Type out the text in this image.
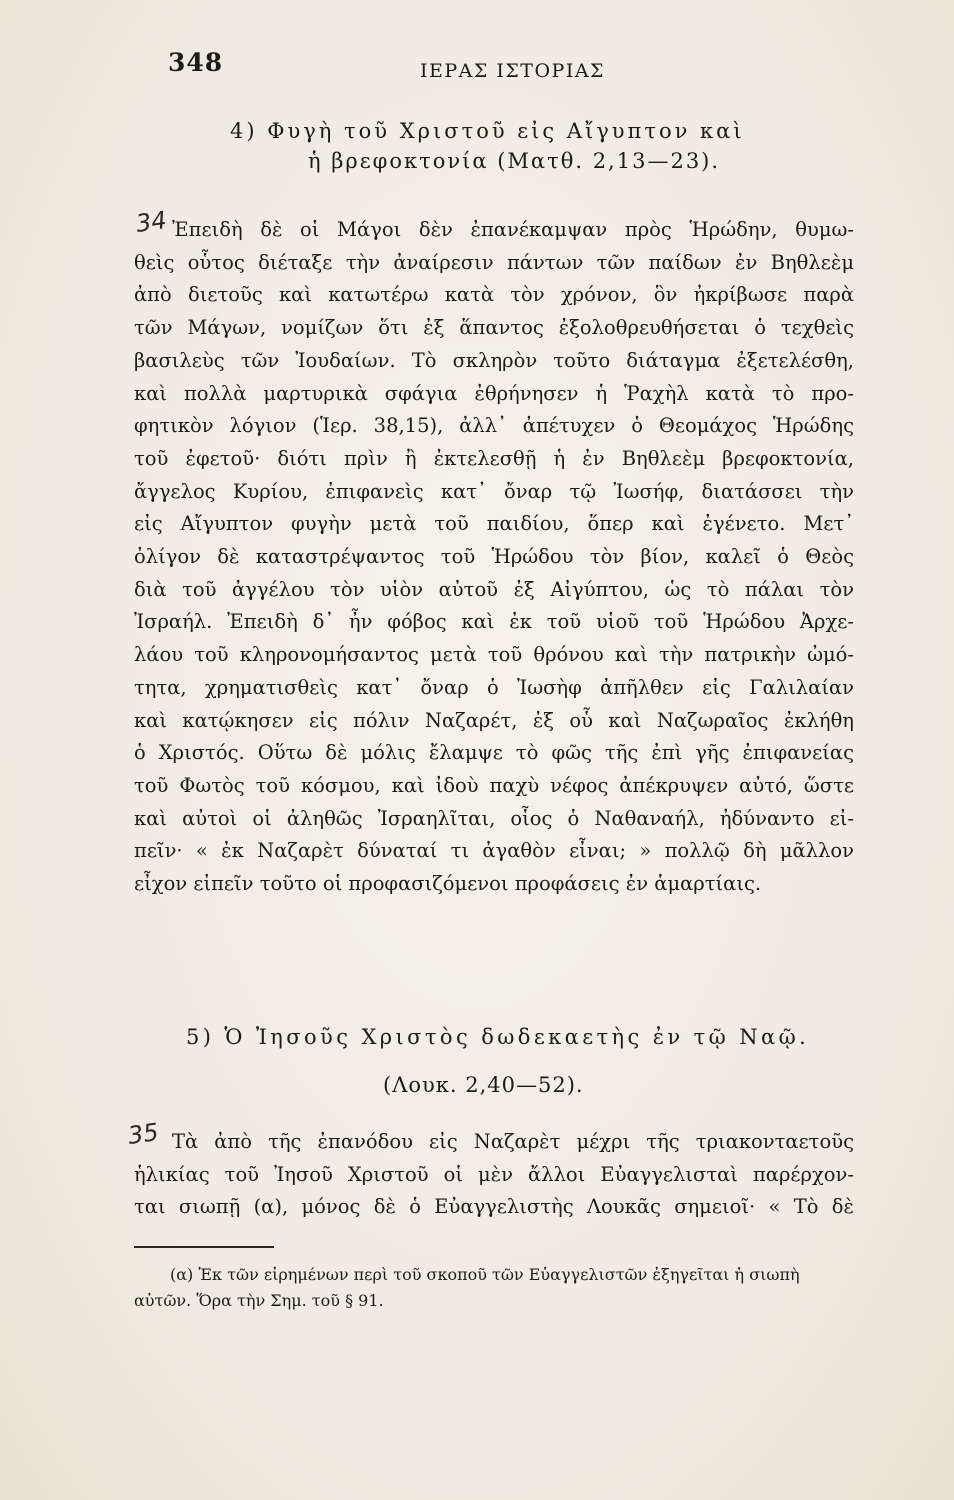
348	ΙΕΡΑΣ ΙΣΤΟΡΙΑΣ
4) Φυγὴ τοῦ Χριστοῦ εἰς Αἴγυπτον καὶ
ἡ βρεφοκτονία (Ματθ. 2,13—23).
34 Ἐπειδὴ δὲ οἱ Μάγοι δὲν ἐπανέκαμψαν πρὸς Ἡρώδην, θυμω-
θεὶς οὗτος διέταξε τὴν ἀναίρεσιν πάντων τῶν παίδων ἐν Βηθλεὲμ
ἀπὸ διετοῦς καὶ κατωτέρω κατὰ τὸν χρόνον, ὃν ἠκρίβωσε παρὰ
τῶν Μάγων, νομίζων ὅτι ἐξ ἅπαντος ἐξολοθρευθήσεται ὁ τεχθεὶς
βασιλεὺς τῶν Ἰουδαίων. Τὸ σκληρὸν τοῦτο διάταγμα ἐξετελέσθη,
καὶ πολλὰ μαρτυρικὰ σφάγια ἐθρήνησεν ἡ Ῥαχὴλ κατὰ τὸ προ-
φητικὸν λόγιον (Ἱερ. 38,15), ἀλλ᾽ ἀπέτυχεν ὁ Θεομάχος Ἡρώδης
τοῦ ἐφετοῦ· διότι πρὶν ἢ ἐκτελεσθῇ ἡ ἐν Βηθλεὲμ βρεφοκτονία,
ἄγγελος Κυρίου, ἐπιφανεὶς κατ᾽ ὄναρ τῷ Ἰωσήφ, διατάσσει τὴν
εἰς Αἴγυπτον φυγὴν μετὰ τοῦ παιδίου, ὅπερ καὶ ἐγένετο. Μετ᾽
ὀλίγον δὲ καταστρέψαντος τοῦ Ἡρώδου τὸν βίον, καλεῖ ὁ Θεὸς
διὰ τοῦ ἀγγέλου τὸν υἱὸν αὐτοῦ ἐξ Αἰγύπτου, ὡς τὸ πάλαι τὸν
Ἰσραήλ. Ἐπειδὴ δ᾽ ἦν φόβος καὶ ἐκ τοῦ υἱοῦ τοῦ Ἡρώδου Ἀρχε-
λάου τοῦ κληρονομήσαντος μετὰ τοῦ θρόνου καὶ τὴν πατρικὴν ὠμό-
τητα, χρηματισθεὶς κατ᾽ ὄναρ ὁ Ἰωσὴφ ἀπῆλθεν εἰς Γαλιλαίαν
καὶ κατῴκησεν εἰς πόλιν Ναζαρέτ, ἐξ οὗ καὶ Ναζωραῖος ἐκλήθη
ὁ Χριστός. Οὕτω δὲ μόλις ἔλαμψε τὸ φῶς τῆς ἐπὶ γῆς ἐπιφανείας
τοῦ Φωτὸς τοῦ κόσμου, καὶ ἰδοὺ παχὺ νέφος ἀπέκρυψεν αὐτό, ὥστε
καὶ αὐτοὶ οἱ ἀληθῶς Ἰσραηλῖται, οἷος ὁ Ναθαναήλ, ἠδύναντο εἰ-
πεῖν· « ἐκ Ναζαρὲτ δύναταί τι ἀγαθὸν εἶναι; » πολλῷ δὴ μᾶλλον
εἶχον εἰπεῖν τοῦτο οἱ προφασιζόμενοι προφάσεις ἐν ἁμαρτίαις.
5) Ὁ Ἰησοῦς Χριστὸς δωδεκαετὴς ἐν τῷ Ναῷ.
(Λουκ. 2,40—52).
35 Τὰ ἀπὸ τῆς ἐπανόδου εἰς Ναζαρὲτ μέχρι τῆς τριακονταετοῦς
ἡλικίας τοῦ Ἰησοῦ Χριστοῦ οἱ μὲν ἄλλοι Εὐαγγελισταὶ παρέρχον-
ται σιωπῇ (α), μόνος δὲ ὁ Εὐαγγελιστὴς Λουκᾶς σημειοῖ· « Τὸ δὲ
(α) Ἐκ τῶν εἰρημένων περὶ τοῦ σκοποῦ τῶν Εὐαγγελιστῶν ἐξηγεῖται ἡ σιωπὴ
αὐτῶν. Ὅρα τὴν Σημ. τοῦ § 91.
